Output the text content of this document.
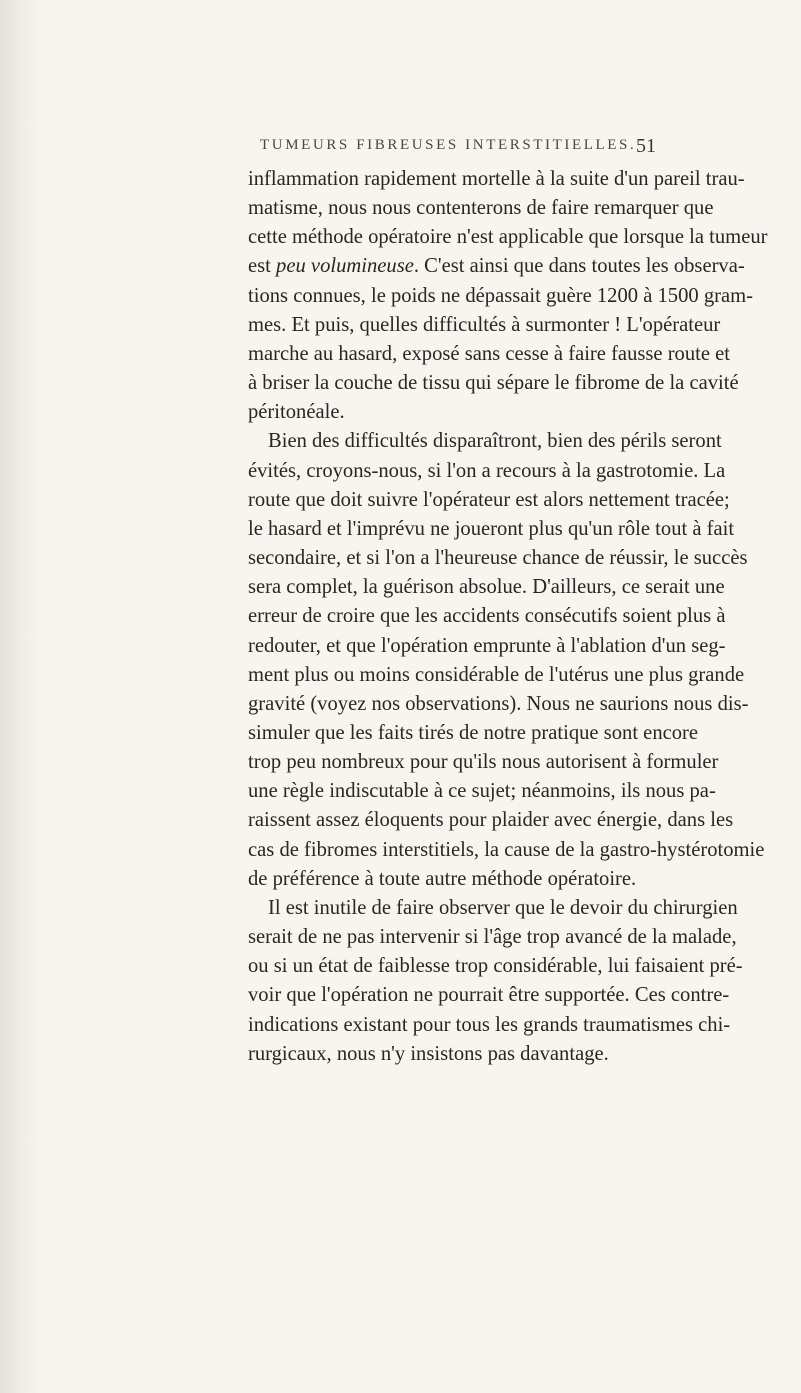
TUMEURS FIBREUSES INTERSTITIELLES. 51

inflammation rapidement mortelle à la suite d'un pareil trau-

matisme, nous nous contenterons de faire remarquer que

cette méthode opératoire n'est applicable que lorsque la tumeur

est peu volumineuse. C'est ainsi que dans toutes les observa-

tions connues, le poids ne dépassait guère 1200 à 1500 gram-

mes. Et puis, quelles difficultés à surmonter ! L'opérateur

marche au hasard, exposé sans cesse à faire fausse route et

à briser la couche de tissu qui sépare le fibrome de la cavité

péritonéale.

Bien des difficultés disparaîtront, bien des périls seront

évités, croyons-nous, si l'on a recours à la gastrotomie. La

route que doit suivre l'opérateur est alors nettement tracée;

le hasard et l'imprévu ne joueront plus qu'un rôle tout à fait

secondaire, et si l'on a l'heureuse chance de réussir, le succès

sera complet, la guérison absolue. D'ailleurs, ce serait une

erreur de croire que les accidents consécutifs soient plus à

redouter, et que l'opération emprunte à l'ablation d'un seg-

ment plus ou moins considérable de l'utérus une plus grande

gravité (voyez nos observations). Nous ne saurions nous dis-

simuler que les faits tirés de notre pratique sont encore

trop peu nombreux pour qu'ils nous autorisent à formuler

une règle indiscutable à ce sujet; néanmoins, ils nous pa-

raissent assez éloquents pour plaider avec énergie, dans les

cas de fibromes interstitiels, la cause de la gastro-hystérotomie

de préférence à toute autre méthode opératoire.

Il est inutile de faire observer que le devoir du chirurgien

serait de ne pas intervenir si l'âge trop avancé de la malade,

ou si un état de faiblesse trop considérable, lui faisaient pré-

voir que l'opération ne pourrait être supportée. Ces contre-

indications existant pour tous les grands traumatismes chi-

rurgicaux, nous n'y insistons pas davantage.
